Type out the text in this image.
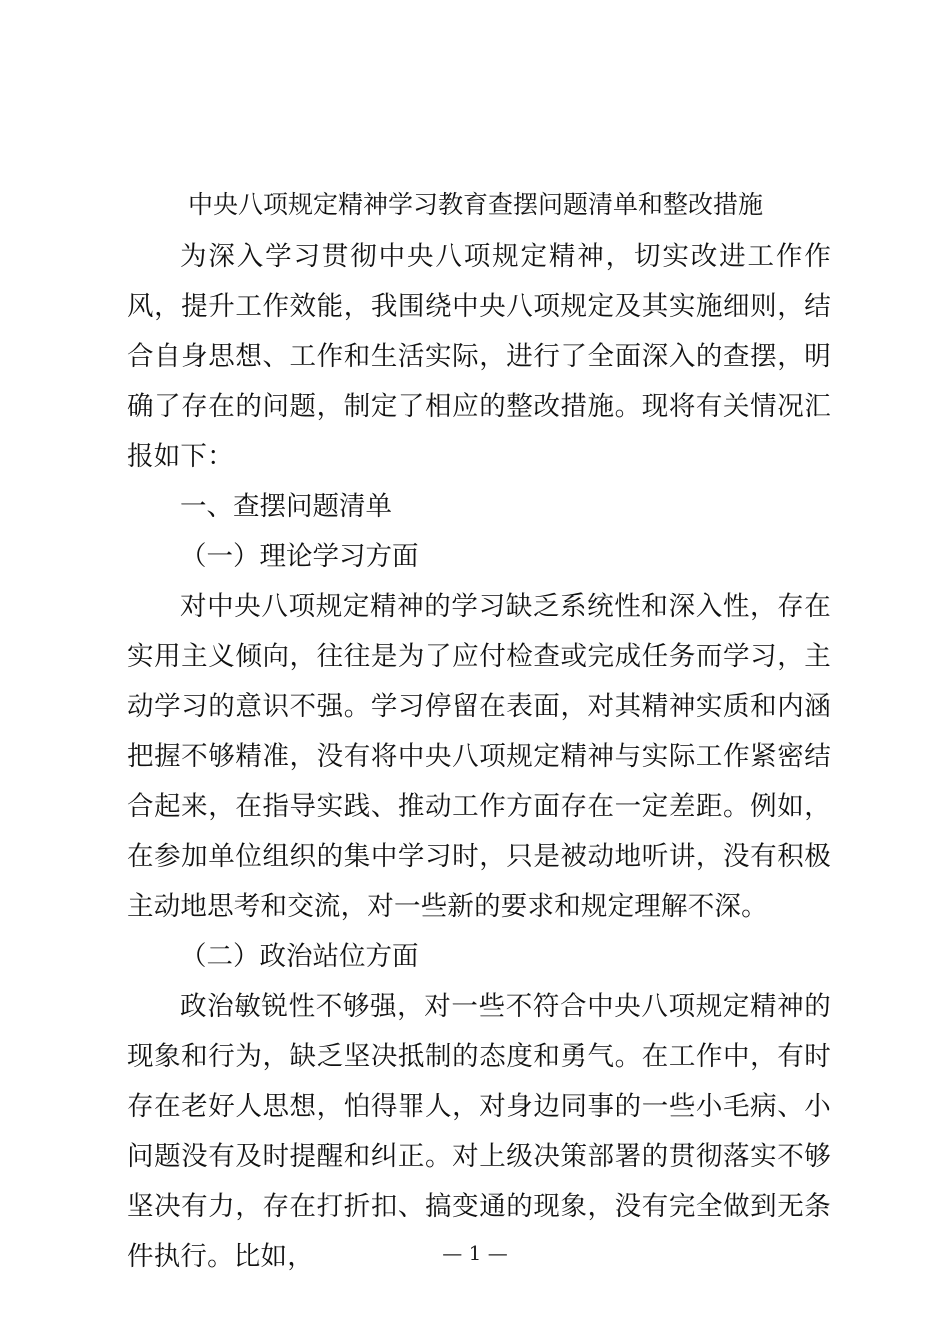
中央八项规定精神学习教育查摆问题清单和整改措施

为深入学习贯彻中央八项规定精神，切实改进工作作风，提升工作效能，我围绕中央八项规定及其实施细则，结合自身思想、工作和生活实际，进行了全面深入的查摆，明确了存在的问题，制定了相应的整改措施。现将有关情况汇报如下：

一、查摆问题清单

（一）理论学习方面

对中央八项规定精神的学习缺乏系统性和深入性，存在实用主义倾向，往往是为了应付检查或完成任务而学习，主动学习的意识不强。学习停留在表面，对其精神实质和内涵把握不够精准，没有将中央八项规定精神与实际工作紧密结合起来，在指导实践、推动工作方面存在一定差距。例如，在参加单位组织的集中学习时，只是被动地听讲，没有积极主动地思考和交流，对一些新的要求和规定理解不深。

（二）政治站位方面

政治敏锐性不够强，对一些不符合中央八项规定精神的现象和行为，缺乏坚决抵制的态度和勇气。在工作中，有时存在老好人思想，怕得罪人，对身边同事的一些小毛病、小问题没有及时提醒和纠正。对上级决策部署的贯彻落实不够坚决有力，存在打折扣、搞变通的现象，没有完全做到无条件执行。比如，	— 1 —
